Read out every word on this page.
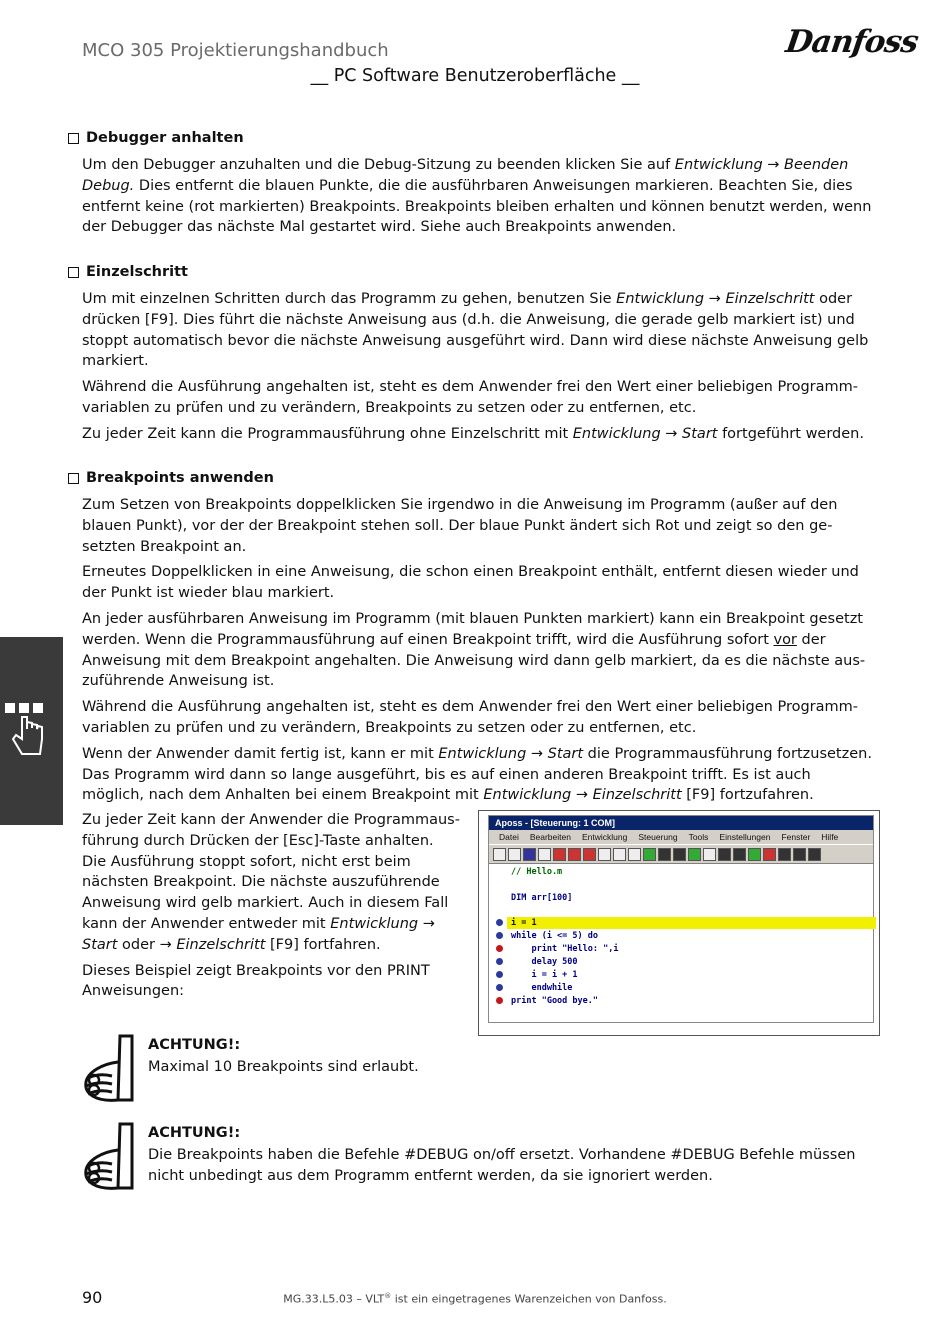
MCO 305 Projektierungshandbuch	Danfoss
__ PC Software Benutzeroberfläche __
Debugger anhalten

Um den Debugger anzuhalten und die Debug-Sitzung zu beenden klicken Sie auf Entwicklung → Beenden Debug. Dies entfernt die blauen Punkte, die die ausführbaren Anweisungen markieren. Beachten Sie, dies entfernt keine (rot markierten) Breakpoints. Breakpoints bleiben erhalten und können benutzt werden, wenn der Debugger das nächste Mal gestartet wird. Siehe auch Breakpoints anwenden.

Einzelschritt

Um mit einzelnen Schritten durch das Programm zu gehen, benutzen Sie Entwicklung → Einzelschritt oder drücken [F9]. Dies führt die nächste Anweisung aus (d.h. die Anweisung, die gerade gelb markiert ist) und stoppt automatisch bevor die nächste Anweisung ausgeführt wird. Dann wird diese nächste Anweisung gelb markiert.

Während die Ausführung angehalten ist, steht es dem Anwender frei den Wert einer beliebigen Programm-variablen zu prüfen und zu verändern, Breakpoints zu setzen oder zu entfernen, etc.

Zu jeder Zeit kann die Programmausführung ohne Einzelschritt mit Entwicklung → Start fortgeführt werden.

Breakpoints anwenden

Zum Setzen von Breakpoints doppelklicken Sie irgendwo in die Anweisung im Programm (außer auf den blauen Punkt), vor der der Breakpoint stehen soll. Der blaue Punkt ändert sich Rot und zeigt so den ge-setzten Breakpoint an.

Erneutes Doppelklicken in eine Anweisung, die schon einen Breakpoint enthält, entfernt diesen wieder und der Punkt ist wieder blau markiert.

An jeder ausführbaren Anweisung im Programm (mit blauen Punkten markiert) kann ein Breakpoint gesetzt werden. Wenn die Programmausführung auf einen Breakpoint trifft, wird die Ausführung sofort vor der Anweisung mit dem Breakpoint angehalten. Die Anweisung wird dann gelb markiert, da es die nächste aus-zuführende Anweisung ist.

Während die Ausführung angehalten ist, steht es dem Anwender frei den Wert einer beliebigen Programm-variablen zu prüfen und zu verändern, Breakpoints zu setzen oder zu entfernen, etc.

Wenn der Anwender damit fertig ist, kann er mit Entwicklung → Start die Programmausführung fortzusetzen. Das Programm wird dann so lange ausgeführt, bis es auf einen anderen Breakpoint trifft. Es ist auch möglich, nach dem Anhalten bei einem Breakpoint mit Entwicklung → Einzelschritt [F9] fortzufahren.

Zu jeder Zeit kann der Anwender die Programmaus-führung durch Drücken der [Esc]-Taste anhalten. Die Ausführung stoppt sofort, nicht erst beim nächsten Breakpoint. Die nächste auszuführende Anweisung wird gelb markiert. Auch in diesem Fall kann der Anwender entweder mit Entwicklung → Start oder → Einzelschritt [F9] fortfahren.

Dieses Beispiel zeigt Breakpoints vor den PRINT Anweisungen:

Aposs - [Steuerung: 1 COM]
Datei Bearbeiten Entwicklung Steuerung Tools Einstellungen Fenster Hilfe
// Hello.m
DIM arr[100]
i = 1
while (i <= 5) do
print "Hello: ",i
delay 500
i = i + 1
endwhile
print "Good bye."
ACHTUNG!:
Maximal 10 Breakpoints sind erlaubt.
ACHTUNG!:
Die Breakpoints haben die Befehle #DEBUG on/off ersetzt. Vorhandene #DEBUG Befehle müssen nicht unbedingt aus dem Programm entfernt werden, da sie ignoriert werden.
90	MG.33.L5.03 – VLT® ist ein eingetragenes Warenzeichen von Danfoss.
